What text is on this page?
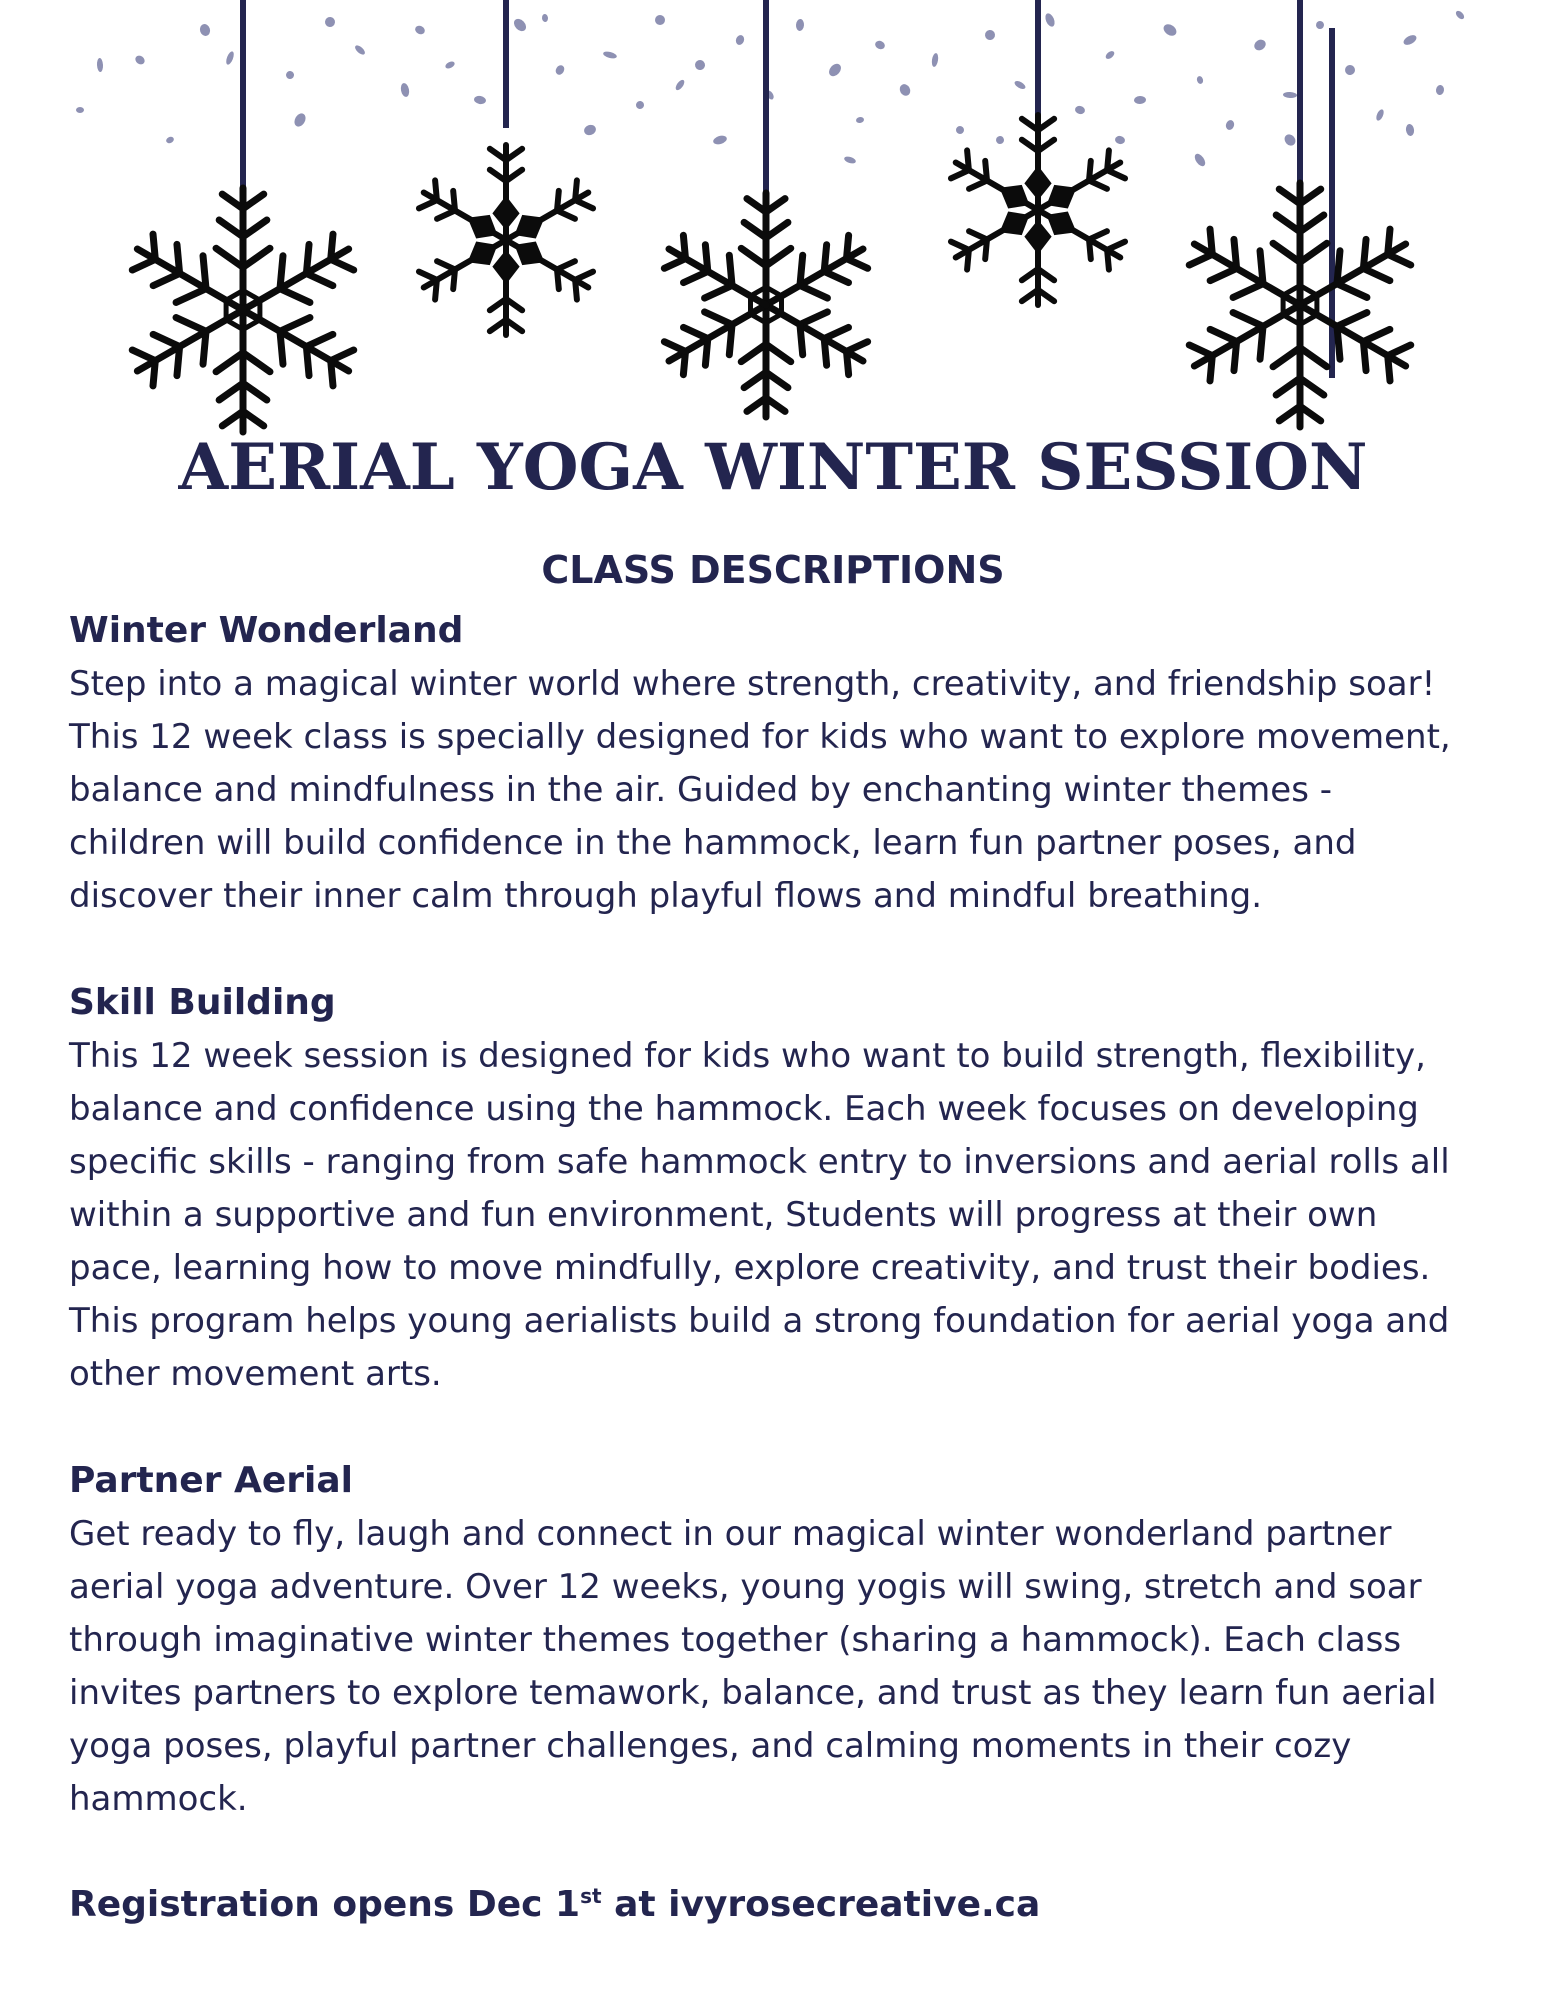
AERIAL YOGA WINTER SESSION
CLASS DESCRIPTIONS

Winter Wonderland

Step into a magical winter world where strength, creativity, and friendship soar!

This 12 week class is specially designed for kids who want to explore movement,

balance and mindfulness in the air. Guided by enchanting winter themes -

children will build confidence in the hammock, learn fun partner poses, and

discover their inner calm through playful flows and mindful breathing.

Skill Building

This 12 week session is designed for kids who want to build strength, flexibility,

balance and confidence using the hammock. Each week focuses on developing

specific skills - ranging from safe hammock entry to inversions and aerial rolls all

within a supportive and fun environment, Students will progress at their own

pace, learning how to move mindfully, explore creativity, and trust their bodies.

This program helps young aerialists build a strong foundation for aerial yoga and

other movement arts.

Partner Aerial

Get ready to fly, laugh and connect in our magical winter wonderland partner

aerial yoga adventure. Over 12 weeks, young yogis will swing, stretch and soar

through imaginative winter themes together (sharing a hammock). Each class

invites partners to explore temawork, balance, and trust as they learn fun aerial

yoga poses, playful partner challenges, and calming moments in their cozy

hammock.

Registration opens Dec 1st at ivyrosecreative.ca
